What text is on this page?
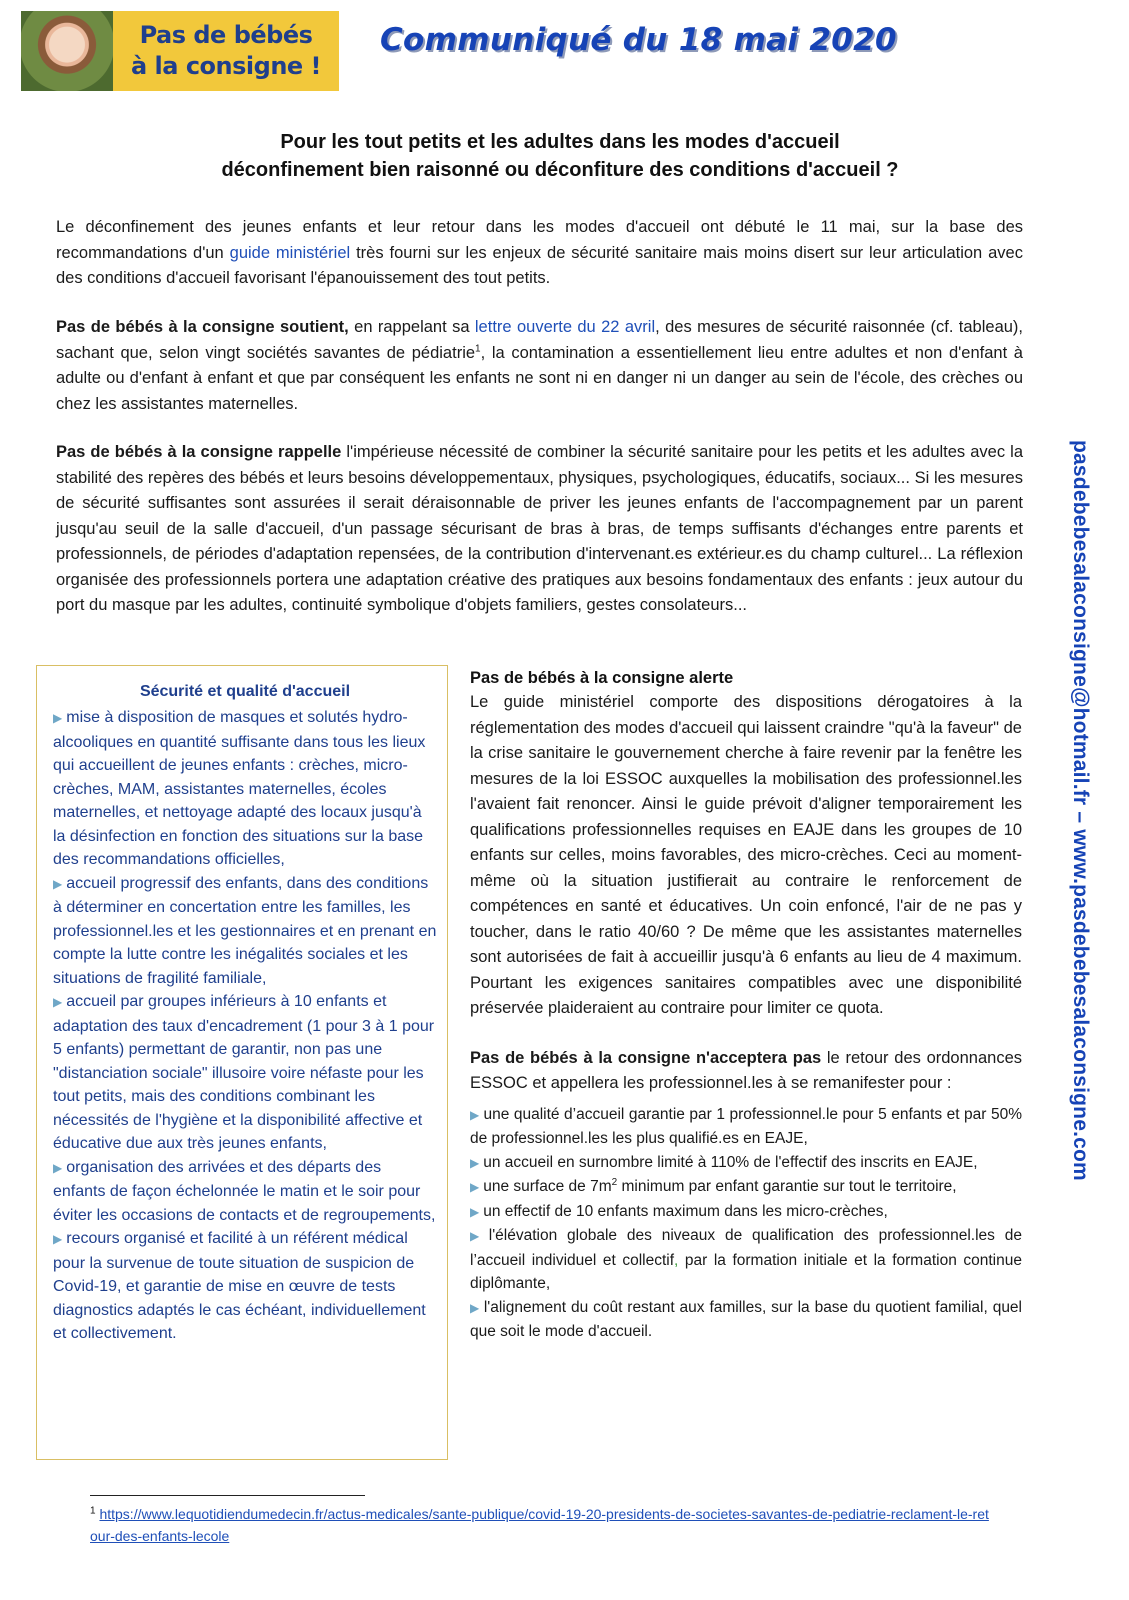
Pas de bébés
à la consigne !
Communiqué du 18 mai 2020
Pour les tout petits et les adultes dans les modes d'accueil
déconfinement bien raisonné ou déconfiture des conditions d'accueil ?

Le déconfinement des jeunes enfants et leur retour dans les modes d'accueil ont débuté le 11 mai, sur la base des recommandations d'un guide ministériel très fourni sur les enjeux de sécurité sanitaire mais moins disert sur leur articulation avec des conditions d'accueil favorisant l'épanouissement des tout petits.

Pas de bébés à la consigne soutient, en rappelant sa lettre ouverte du 22 avril, des mesures de sécurité raisonnée (cf. tableau), sachant que, selon vingt sociétés savantes de pédiatrie$^1$, la contamination a essentiellement lieu entre adultes et non d'enfant à adulte ou d'enfant à enfant et que par conséquent les enfants ne sont ni en danger ni un danger au sein de l'école, des crèches ou chez les assistantes maternelles.

Pas de bébés à la consigne rappelle l'impérieuse nécessité de combiner la sécurité sanitaire pour les petits et les adultes avec la stabilité des repères des bébés et leurs besoins développementaux, physiques, psychologiques, éducatifs, sociaux... Si les mesures de sécurité suffisantes sont assurées il serait déraisonnable de priver les jeunes enfants de l'accompagnement par un parent jusqu'au seuil de la salle d'accueil, d'un passage sécurisant de bras à bras, de temps suffisants d'échanges entre parents et professionnels, de périodes d'adaptation repensées, de la contribution d'intervenant.es extérieur.es du champ culturel... La réflexion organisée des professionnels portera une adaptation créative des pratiques aux besoins fondamentaux des enfants : jeux autour du port du masque par les adultes, continuité symbolique d'objets familiers, gestes consolateurs...	pasdebebesalaconsigne@hotmail.fr – www.pasdebebesalaconsigne.com
Sécurité et qualité d'accueil

▶ mise à disposition de masques et solutés hydro-alcooliques en quantité suffisante dans tous les lieux qui accueillent de jeunes enfants : crèches, micro-crèches, MAM, assistantes maternelles, écoles maternelles, et nettoyage adapté des locaux jusqu'à la désinfection en fonction des situations sur la base des recommandations officielles,

▶ accueil progressif des enfants, dans des conditions à déterminer en concertation entre les familles, les professionnel.les et les gestionnaires et en prenant en compte la lutte contre les inégalités sociales et les situations de fragilité familiale,

▶ accueil par groupes inférieurs à 10 enfants et adaptation des taux d'encadrement (1 pour 3 à 1 pour 5 enfants) permettant de garantir, non pas une "distanciation sociale" illusoire voire néfaste pour les tout petits, mais des conditions combinant les nécessités de l'hygiène et la disponibilité affective et éducative due aux très jeunes enfants,

▶ organisation des arrivées et des départs des enfants de façon échelonnée le matin et le soir pour éviter les occasions de contacts et de regroupements,

▶ recours organisé et facilité à un référent médical pour la survenue de toute situation de suspicion de Covid-19, et garantie de mise en œuvre de tests diagnostics adaptés le cas échéant, individuellement et collectivement.

Pas de bébés à la consigne alerte

Le guide ministériel comporte des dispositions dérogatoires à la réglementation des modes d'accueil qui laissent craindre "qu'à la faveur" de la crise sanitaire le gouvernement cherche à faire revenir par la fenêtre les mesures de la loi ESSOC auxquelles la mobilisation des professionnel.les l'avaient fait renoncer. Ainsi le guide prévoit d'aligner temporairement les qualifications professionnelles requises en EAJE dans les groupes de 10 enfants sur celles, moins favorables, des micro-crèches. Ceci au moment-même où la situation justifierait au contraire le renforcement de compétences en santé et éducatives. Un coin enfoncé, l'air de ne pas y toucher, dans le ratio 40/60 ? De même que les assistantes maternelles sont autorisées de fait à accueillir jusqu'à 6 enfants au lieu de 4 maximum. Pourtant les exigences sanitaires compatibles avec une disponibilité préservée plaideraient au contraire pour limiter ce quota.

Pas de bébés à la consigne n'acceptera pas le retour des ordonnances ESSOC et appellera les professionnel.les à se remanifester pour :

▶ une qualité d’accueil garantie par 1 professionnel.le pour 5 enfants et par 50% de professionnel.les les plus qualifié.es en EAJE,

▶ un accueil en surnombre limité à 110% de l'effectif des inscrits en EAJE,

▶ une surface de $7m^2$ minimum par enfant garantie sur tout le territoire,

▶ un effectif de 10 enfants maximum dans les micro-crèches,

▶ l'élévation globale des niveaux de qualification des professionnel.les de l’accueil individuel et collectif, par la formation initiale et la formation continue diplômante,

▶ l'alignement du coût restant aux familles, sur la base du quotient familial, quel que soit le mode d'accueil.

$^1$ https://www.lequotidiendumedecin.fr/actus-medicales/sante-publique/covid-19-20-presidents-de-societes-savantes-de-pediatrie-reclament-le-retour-des-enfants-lecole
